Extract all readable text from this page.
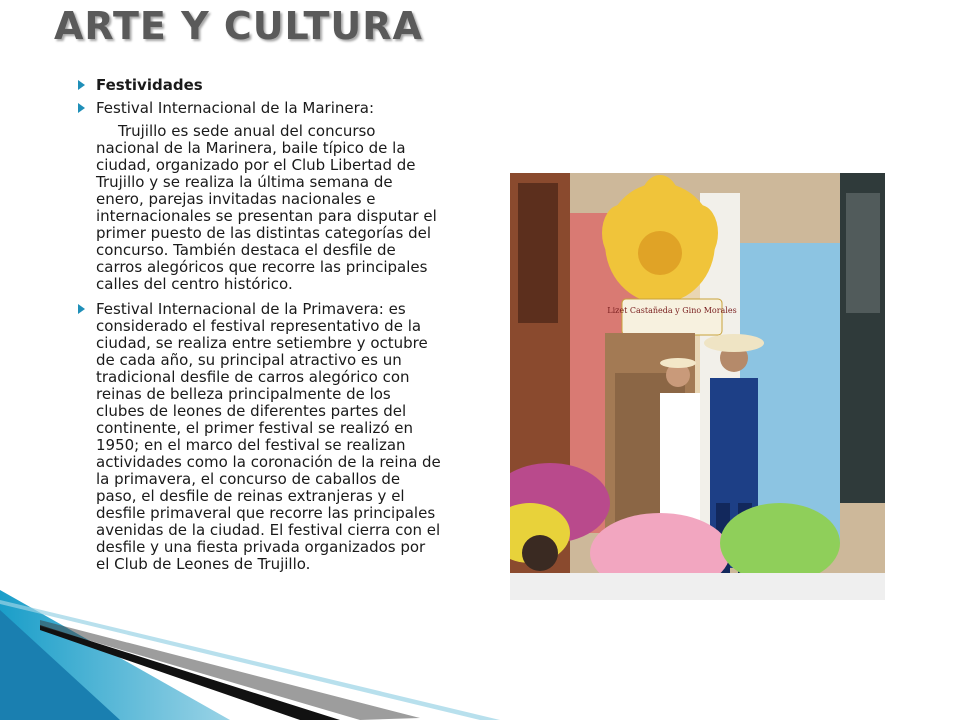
ARTE Y CULTURA
Festividades
Festival Internacional de la Marinera:

Trujillo es sede anual del concurso nacional de la Marinera, baile típico de la ciudad, organizado por el Club Libertad de Trujillo y se realiza la última semana de enero, parejas invitadas nacionales e internacionales se presentan para disputar el primer puesto de las distintas categorías del concurso. También destaca el desfile de carros alegóricos que recorre las principales calles del centro histórico.

Festival Internacional de la Primavera: es considerado el festival representativo de la ciudad, se realiza entre setiembre y octubre de cada año, su principal atractivo es un tradicional desfile de carros alegórico con reinas de belleza principalmente de los clubes de leones de diferentes partes del continente, el primer festival se realizó en 1950; en el marco del festival se realizan actividades como la coronación de la reina de la primavera, el concurso de caballos de paso, el desfile de reinas extranjeras y el desfile primaveral que recorre las principales avenidas de la ciudad. El festival cierra con el desfile y una fiesta privada organizados por el Club de Leones de Trujillo.
Lizet Castañeda y Gino Morales
